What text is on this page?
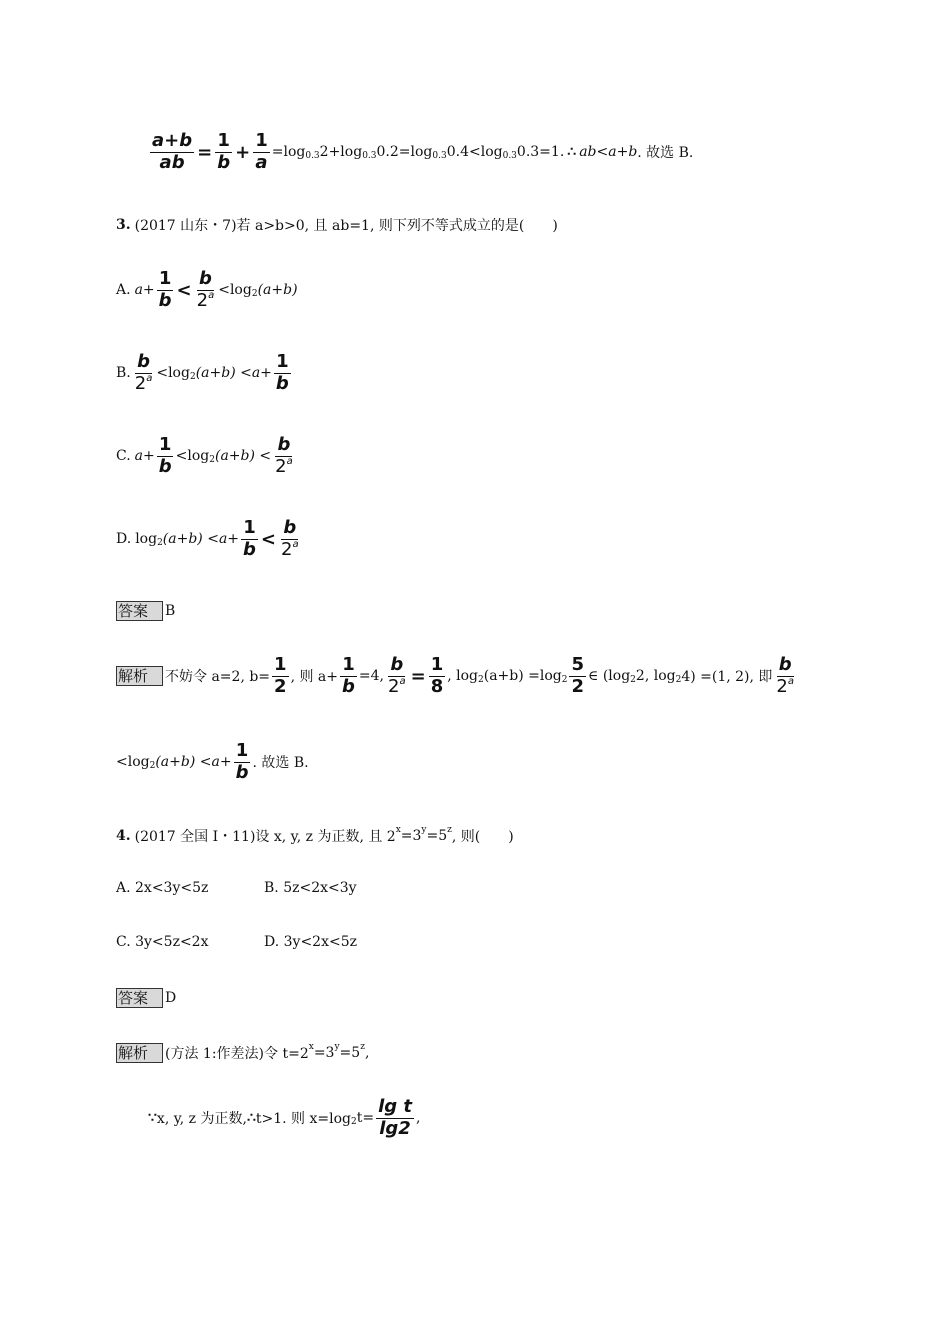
$\frac{a+b}{ab} = \frac{1}{b} + \frac{1}{a} =\log$ 0.3 2+log 0.3 0.2=log 0.3 0.4<log 0.3 0.3=1. ∴ ab<a+b . 故选 B.
3. (2017 山东・7)若 a>b>0, 且 ab=1, 则下列不等式成立的是(　　)
A. $a+ \frac{1}{b} < \frac{b}{2^a} <\log$ 2 (a+b)
B. $\frac{b}{2^a} <\log$ 2 $(a+b) <a+ \frac{1}{b}$
C. $a+ \frac{1}{b} <\log$ 2 $(a+b) < \frac{b}{2^a}$
D. log 2 $(a+b) <a+ \frac{1}{b} < \frac{b}{2^a}$
答案	B
解析	不妨令 a=2, $b= \frac{1}{2}$ , 则 $a+ \frac{1}{b} =4$, $\frac{b}{2^a} = \frac{1}{8}$ , log 2 (a+b) =log $2 \frac{5}{2}$ ∈ (log 2 2, log 2 4) =(1, 2), 即 $\frac{b}{2^a}$
<log 2 $(a+b) <a+ \frac{1}{b}$ . 故选 B.
4. (2017 全国 Ⅰ・11)设 x, y, z 为正数, 且 2 x =3 y =5 z , 则(　　)
A. 2x<3y<5z	B. 5z<2x<3y
C. 3y<5z<2x	D. 3y<2x<5z
答案	D
解析	(方法 1:作差法)令 t=2 x =3 y =5 z ,
∵ x, y, z 为正数, ∴ t>1. 则 x=log 2 $t= \frac{\text{lg t}}{\lg 2}$ ,
